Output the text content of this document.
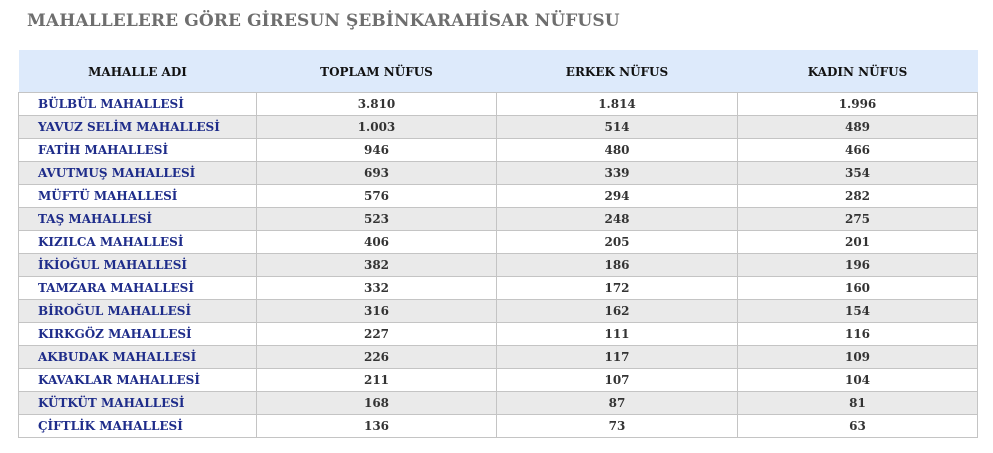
MAHALLELERE GÖRE GİRESUN ŞEBİNKARAHİSAR NÜFUSU
MAHALLE ADI	TOPLAM NÜFUS	ERKEK NÜFUS	KADIN NÜFUS
BÜLBÜL MAHALLESİ	3.810	1.814	1.996
YAVUZ SELİM MAHALLESİ	1.003	514	489
FATİH MAHALLESİ	946	480	466
AVUTMUŞ MAHALLESİ	693	339	354
MÜFTÜ MAHALLESİ	576	294	282
TAŞ MAHALLESİ	523	248	275
KIZILCA MAHALLESİ	406	205	201
İKİOĞUL MAHALLESİ	382	186	196
TAMZARA MAHALLESİ	332	172	160
BİROĞUL MAHALLESİ	316	162	154
KIRKGÖZ MAHALLESİ	227	111	116
AKBUDAK MAHALLESİ	226	117	109
KAVAKLAR MAHALLESİ	211	107	104
KÜTKÜT MAHALLESİ	168	87	81
ÇİFTLİK MAHALLESİ	136	73	63
